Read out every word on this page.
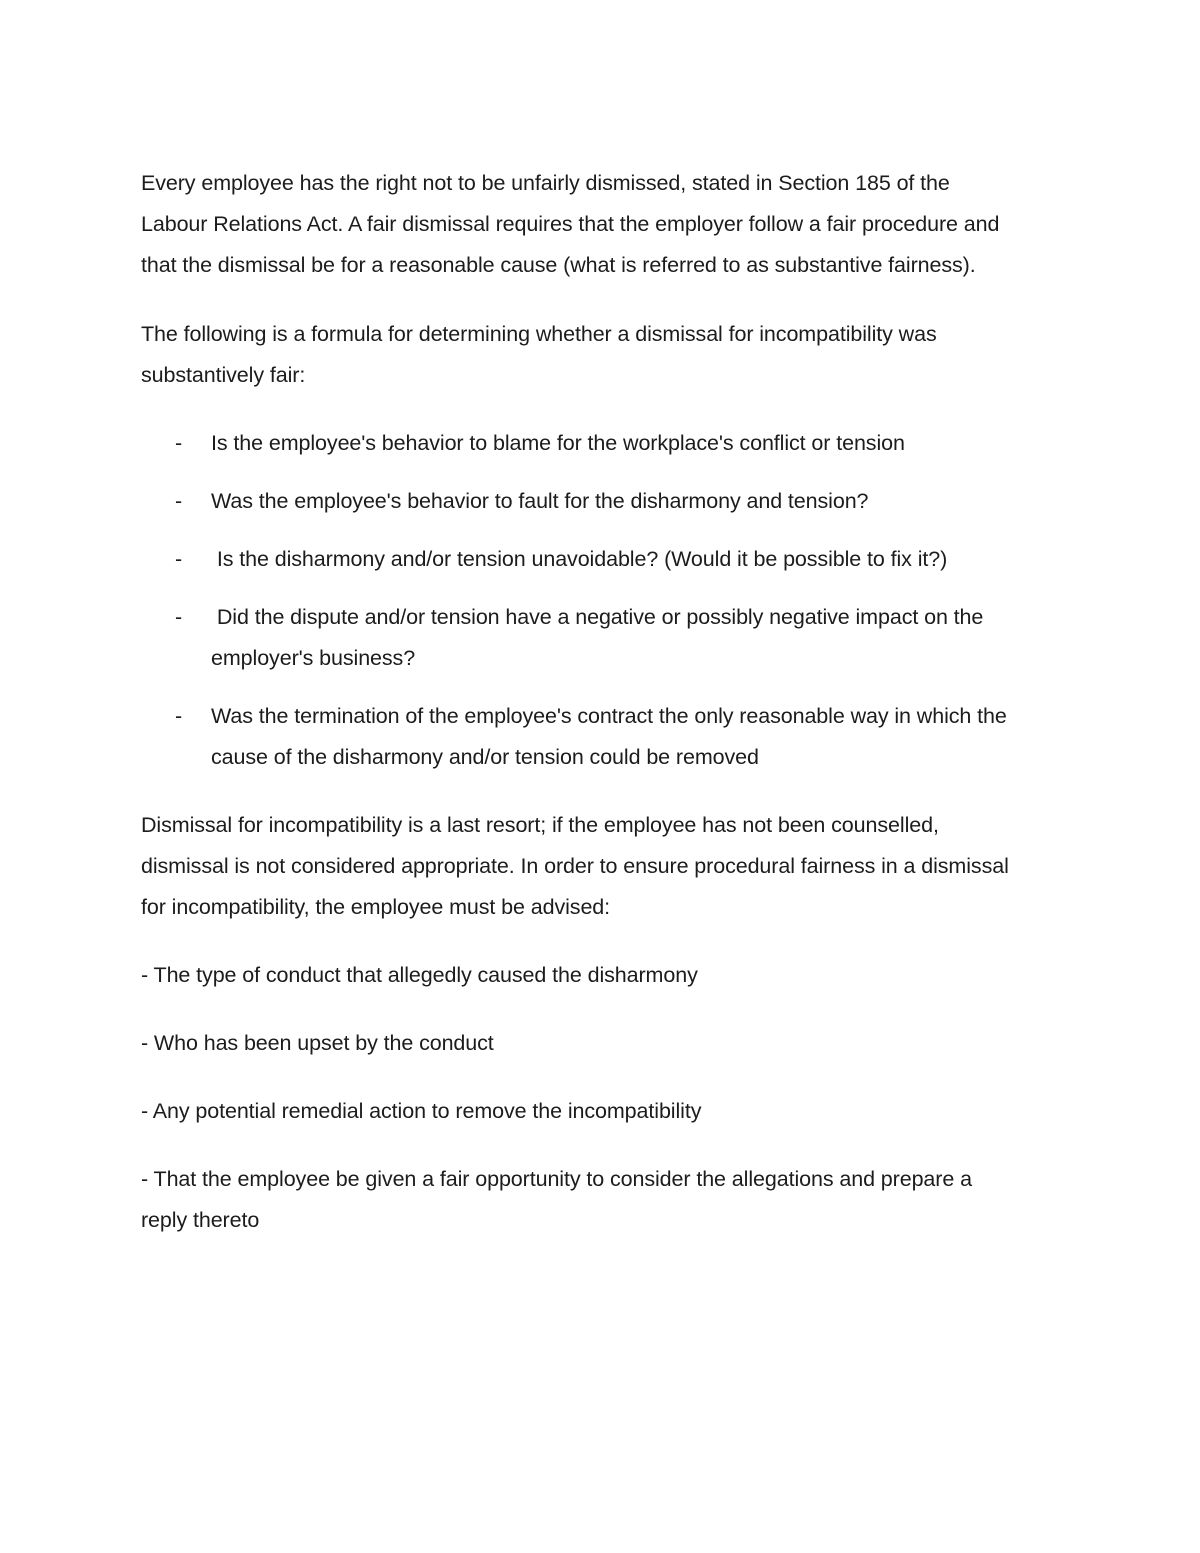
Every employee has the right not to be unfairly dismissed, stated in Section 185 of the Labour Relations Act. A fair dismissal requires that the employer follow a fair procedure and that the dismissal be for a reasonable cause (what is referred to as substantive fairness).

The following is a formula for determining whether a dismissal for incompatibility was substantively fair:

- Is the employee's behavior to blame for the workplace's conflict or tension
- Was the employee's behavior to fault for the disharmony and tension?
- Is the disharmony and/or tension unavoidable? (Would it be possible to fix it?)
- Did the dispute and/or tension have a negative or possibly negative impact on the employer's business?
- Was the termination of the employee's contract the only reasonable way in which the cause of the disharmony and/or tension could be removed

Dismissal for incompatibility is a last resort; if the employee has not been counselled, dismissal is not considered appropriate. In order to ensure procedural fairness in a dismissal for incompatibility, the employee must be advised:

- The type of conduct that allegedly caused the disharmony

- Who has been upset by the conduct

- Any potential remedial action to remove the incompatibility

- That the employee be given a fair opportunity to consider the allegations and prepare a reply thereto
